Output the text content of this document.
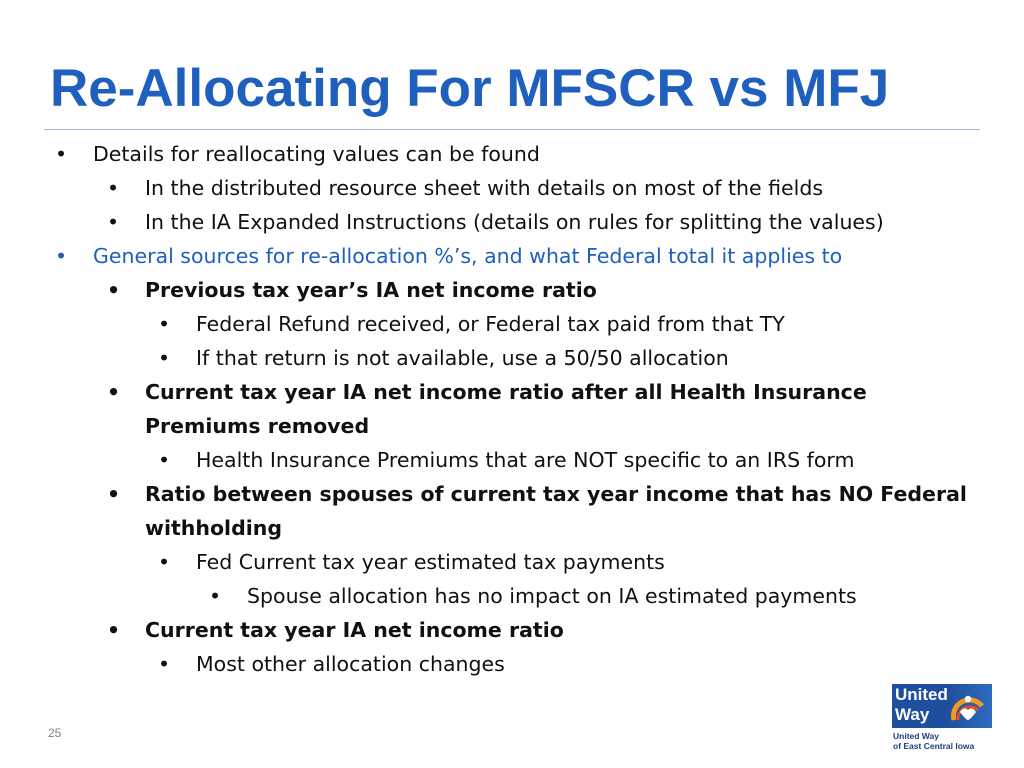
Re-Allocating For MFSCR vs MFJ
• Details for reallocating values can be found
• In the distributed resource sheet with details on most of the fields
• In the IA Expanded Instructions (details on rules for splitting the values)
• General sources for re-allocation %’s, and what Federal total it applies to
• Previous tax year’s IA net income ratio
• Federal Refund received, or Federal tax paid from that TY
• If that return is not available, use a 50/50 allocation
• Current tax year IA net income ratio after all Health Insurance Premiums removed
• Health Insurance Premiums that are NOT specific to an IRS form
• Ratio between spouses of current tax year income that has NO Federal withholding
• Fed Current tax year estimated tax payments
• Spouse allocation has no impact on IA estimated payments
• Current tax year IA net income ratio
• Most other allocation changes
25
United
Way
United Way
of East Central Iowa
